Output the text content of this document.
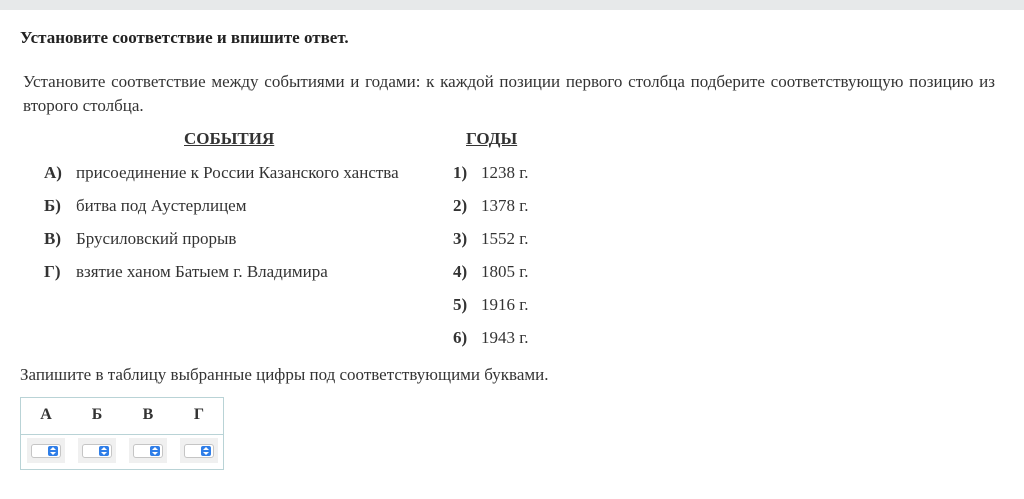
Установите соответствие и впишите ответ.
Установите соответствие между событиями и годами: к каждой позиции первого столбца подберите соответствующую позицию из второго столбца.
СОБЫТИЯ	ГОДЫ
А) присоединение к России Казанского ханства
Б) битва под Аустерлицем
В) Брусиловский прорыв
Г) взятие ханом Батыем г. Владимира
1) 1238 г.
2) 1378 г.
3) 1552 г.
4) 1805 г.
5) 1916 г.
6) 1943 г.
Запишите в таблицу выбранные цифры под соответствующими буквами.
А	Б	В	Г
